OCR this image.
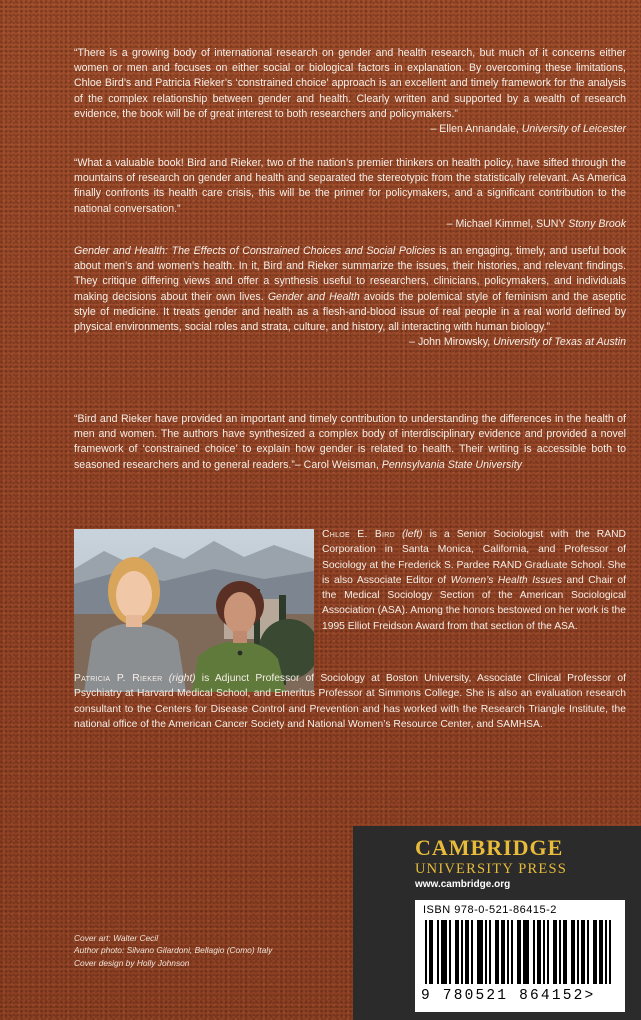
“There is a growing body of international research on gender and health research, but much of it concerns either women or men and focuses on either social or biological factors in explanation. By overcoming these limitations, Chloe Bird’s and Patricia Rieker’s ‘constrained choice’ approach is an excellent and timely framework for the analysis of the complex relationship between gender and health. Clearly written and supported by a wealth of research evidence, the book will be of great interest to both researchers and policymakers.”
– Ellen Annandale, University of Leicester

“What a valuable book! Bird and Rieker, two of the nation’s premier thinkers on health policy, have sifted through the mountains of research on gender and health and separated the stereotypic from the statistically relevant. As America finally confronts its health care crisis, this will be the primer for policymakers, and a significant contribution to the national conversation.”
– Michael Kimmel, SUNY Stony Brook

Gender and Health: The Effects of Constrained Choices and Social Policies is an engaging, timely, and useful book about men’s and women’s health. In it, Bird and Rieker summarize the issues, their histories, and relevant findings. They critique differing views and offer a synthesis useful to researchers, clinicians, policymakers, and individuals making decisions about their own lives. Gender and Health avoids the polemical style of feminism and the aseptic style of medicine. It treats gender and health as a flesh-and-blood issue of real people in a real world defined by physical environments, social roles and strata, culture, and history, all interacting with human biology.”
– John Mirowsky, University of Texas at Austin

“Bird and Rieker have provided an important and timely contribution to understanding the differences in the health of men and women. The authors have synthesized a complex body of interdisciplinary evidence and provided a novel framework of ‘constrained choice’ to explain how gender is related to health. Their writing is accessible both to seasoned researchers and to general readers.”– Carol Weisman, Pennsylvania State University

Chloe E. Bird (left) is a Senior Sociologist with the RAND Corporation in Santa Monica, California, and Professor of Sociology at the Frederick S. Pardee RAND Graduate School. She is also Associate Editor of Women’s Health Issues and Chair of the Medical Sociology Section of the American Sociological Association (ASA). Among the honors bestowed on her work is the 1995 Elliot Freidson Award from that section of the ASA.
Patricia P. Rieker (right) is Adjunct Professor of Sociology at Boston University, Associate Clinical Professor of Psychiatry at Harvard Medical School, and Emeritus Professor at Simmons College. She is also an evaluation research consultant to the Centers for Disease Control and Prevention and has worked with the Research Triangle Institute, the national office of the American Cancer Society and National Women’s Resource Center, and SAMHSA.
Cover art: Walter Cecil
Author photo: Silvano Gilardoni, Bellagio (Como) Italy
Cover design by Holly Johnson
CAMBRIDGE
UNIVERSITY PRESS
www.cambridge.org
ISBN 978-0-521-86415-2
9 780521 864152>
